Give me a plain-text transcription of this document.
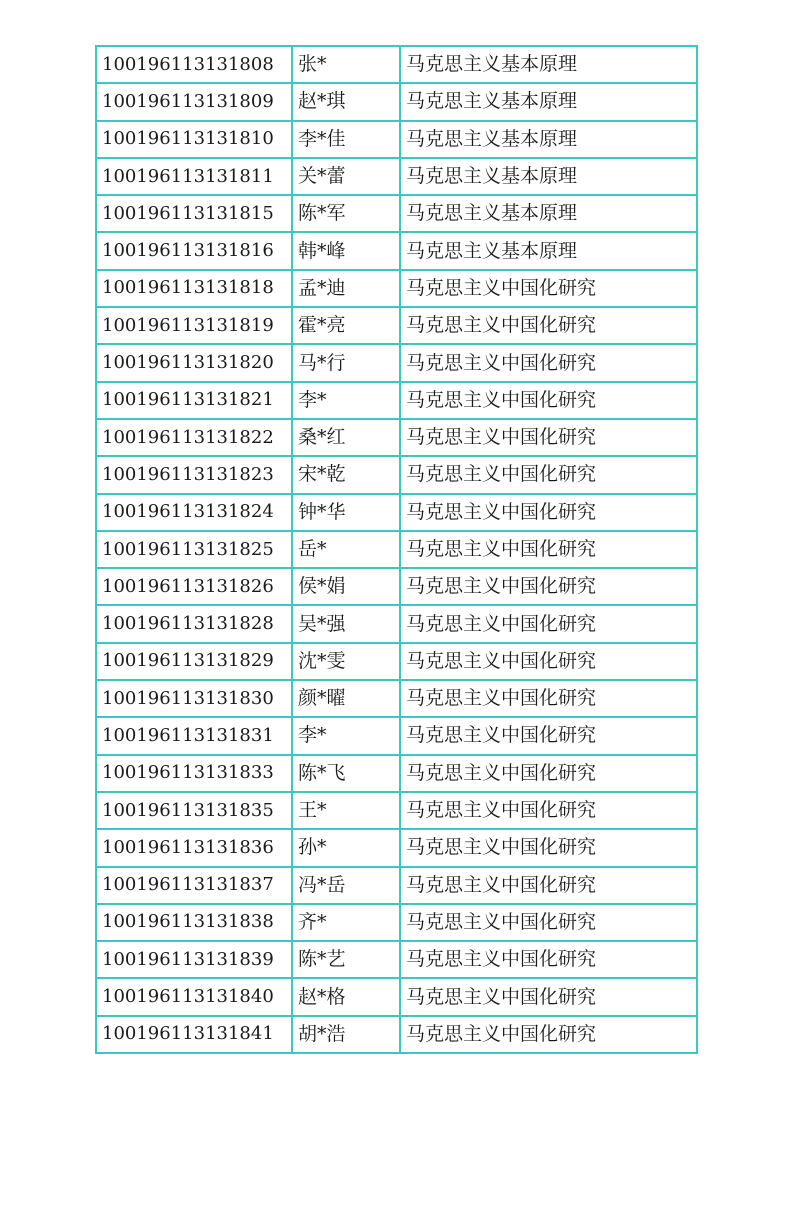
100196113131808	张*	马克思主义基本原理
100196113131809	赵*琪	马克思主义基本原理
100196113131810	李*佳	马克思主义基本原理
100196113131811	关*蕾	马克思主义基本原理
100196113131815	陈*军	马克思主义基本原理
100196113131816	韩*峰	马克思主义基本原理
100196113131818	孟*迪	马克思主义中国化研究
100196113131819	霍*亮	马克思主义中国化研究
100196113131820	马*行	马克思主义中国化研究
100196113131821	李*	马克思主义中国化研究
100196113131822	桑*红	马克思主义中国化研究
100196113131823	宋*乾	马克思主义中国化研究
100196113131824	钟*华	马克思主义中国化研究
100196113131825	岳*	马克思主义中国化研究
100196113131826	侯*娟	马克思主义中国化研究
100196113131828	吴*强	马克思主义中国化研究
100196113131829	沈*雯	马克思主义中国化研究
100196113131830	颜*曜	马克思主义中国化研究
100196113131831	李*	马克思主义中国化研究
100196113131833	陈*飞	马克思主义中国化研究
100196113131835	王*	马克思主义中国化研究
100196113131836	孙*	马克思主义中国化研究
100196113131837	冯*岳	马克思主义中国化研究
100196113131838	齐*	马克思主义中国化研究
100196113131839	陈*艺	马克思主义中国化研究
100196113131840	赵*格	马克思主义中国化研究
100196113131841	胡*浩	马克思主义中国化研究
